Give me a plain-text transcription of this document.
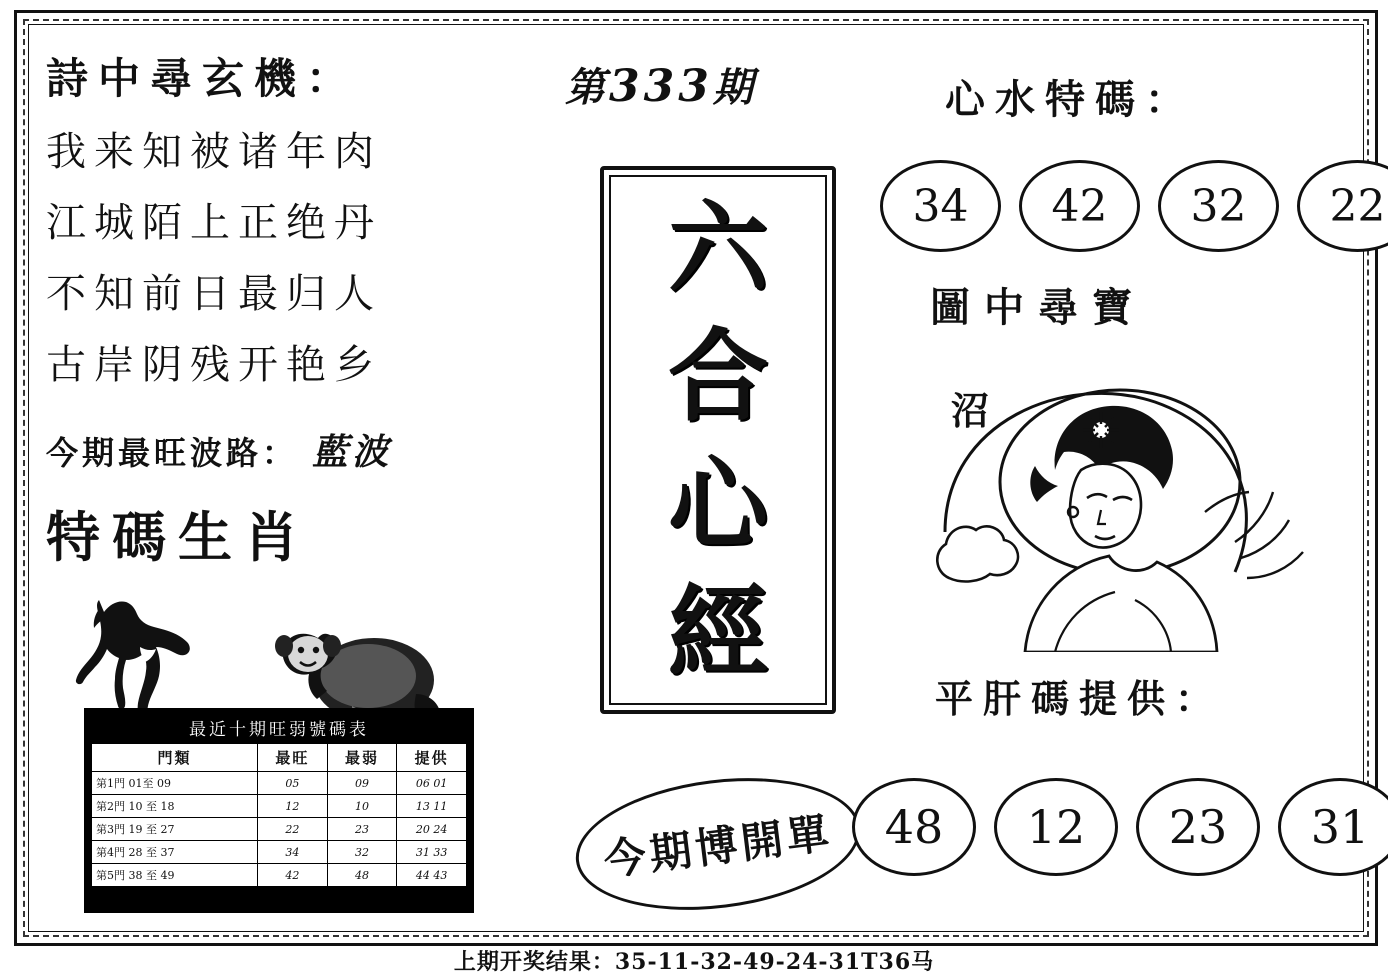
詩中尋玄機：
我来知被诸年肉
江城陌上正绝丹
不知前日最归人
古岸阴残开艳乡
今期最旺波路： 藍波
特碼生肖
最近十期旺弱號碼表
門類	最旺	最弱	提供
第1門 01至 09	05	09	06 01
第2門 10 至 18	12	10	13 11
第3門 19 至 27	22	23	20 24
第4門 28 至 37	34	32	31 33
第5門 38 至 49	42	48	44 43
第333期
六
合
心
經
今期博開單
心水特碼：
34	42	32	22
圖中尋寶
沼
平肝碼提供：
48	12	23	31
上期开奖结果：35-11-32-49-24-31T36马
